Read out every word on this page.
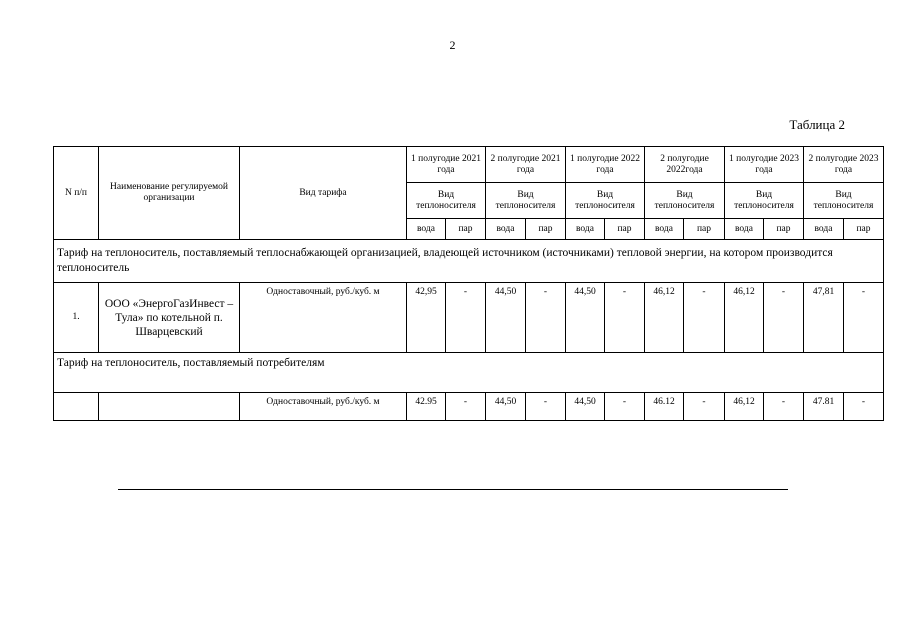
2
Таблица 2
N п/п	Наименование регулируемой организации	Вид тарифа	1 полугодие 2021 года		2 полугодие 2021 года		1 полугодие 2022 года		2 полугодие 2022года		1 полугодие 2023 года		2 полугодие 2023 года	
			Вид теплоносителя		Вид теплоносителя		Вид теплоносителя		Вид теплоносителя		Вид теплоносителя		Вид теплоносителя	
			вода	пар	вода	пар	вода	пар	вода	пар	вода	пар	вода	пар
Тариф на теплоноситель, поставляемый теплоснабжающей организацией, владеющей источником (источниками) тепловой энергии, на котором производится теплоноситель														
1.	ООО «ЭнергоГазИнвест – Тула» по котельной п. Шварцевский	Одноставочный, руб./куб. м	42,95	-	44,50	-	44,50	-	46,12	-	46,12	-	47,81	-
Тариф на теплоноситель, поставляемый потребителям														
		Одноставочный, руб./куб. м	42.95	-	44,50	-	44,50	-	46.12	-	46,12	-	47.81	-
